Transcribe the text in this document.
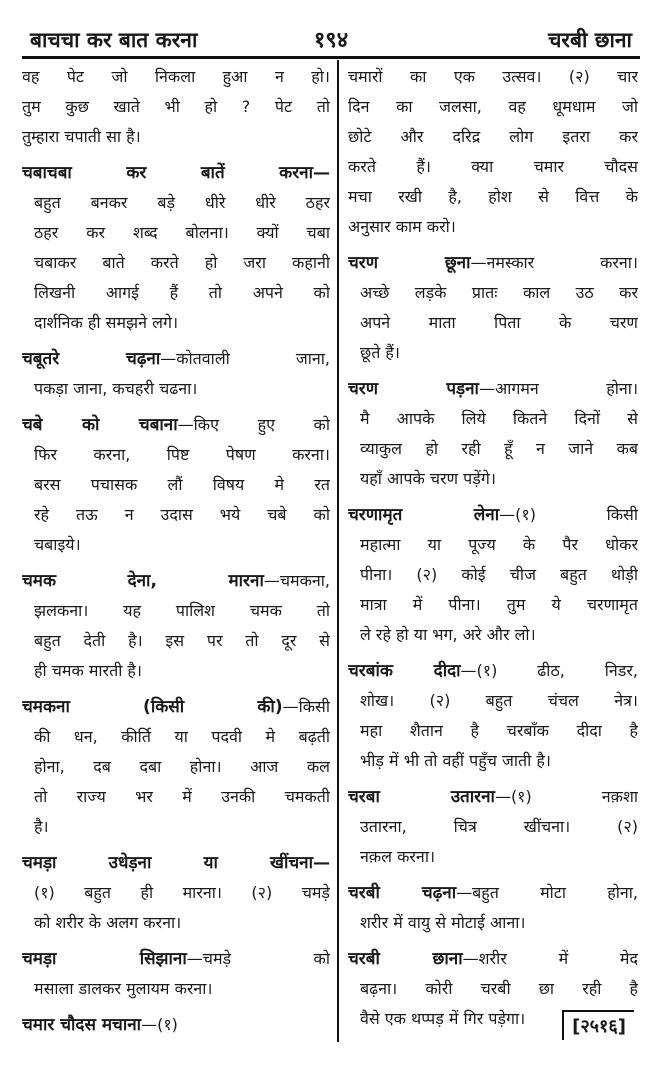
बाचचा कर बात करना	१९४	चरबी छाना
वह पेट जो निकला हुआ न हो।
तुम कुछ खाते भी हो ? पेट तो
तुम्हारा चपाती सा है।
चबाचबा कर बातें करना—
बहुत बनकर बड़े धीरे धीरे ठहर
ठहर कर शब्द बोलना। क्यों चबा
चबाकर बाते करते हो जरा कहानी
लिखनी आगई हैं तो अपने को
दार्शनिक ही समझने लगे।
चबूतरे चढ़ना—कोतवाली जाना,
पकड़ा जाना, कचहरी चढना।
चबे को चबाना—किए हुए को
फिर करना, पिष्ट पेषण करना।
बरस पचासक लौं विषय मे रत
रहे तऊ न उदास भये चबे को
चबाइये।
चमक देना, मारना—चमकना,
झलकना। यह पालिश चमक तो
बहुत देती है। इस पर तो दूर से
ही चमक मारती है।
चमकना (किसी की)—किसी
की धन, कीर्ति या पदवी मे बढ़ती
होना, दब दबा होना। आज कल
तो राज्य भर में उनकी चमकती
है।
चमड़ा उधेड़ना या खींचना—
(१) बहुत ही मारना। (२) चमड़े
को शरीर के अलग करना।
चमड़ा सिझाना—चमड़े को
मसाला डालकर मुलायम करना।
चमार चौदस मचाना—(१)
चमारों का एक उत्सव। (२) चार
दिन का जलसा, वह धूमधाम जो
छोटे और दरिद्र लोग इतरा कर
करते हैं। क्या चमार चौदस
मचा रखी है, होश से वित्त के
अनुसार काम करो।
चरण छूना—नमस्कार करना।
अच्छे लड़के प्रातः काल उठ कर
अपने माता पिता के चरण
छूते हैं।
चरण पड़ना—आगमन होना।
मै आपके लिये कितने दिनों से
व्याकुल हो रही हूँ न जाने कब
यहाँ आपके चरण पड़ेंगे।
चरणामृत लेना—(१) किसी
महात्मा या पूज्य के पैर धोकर
पीना। (२) कोई चीज बहुत थोड़ी
मात्रा में पीना। तुम ये चरणामृत
ले रहे हो या भग, अरे और लो।
चरबांक दीदा—(१) ढीठ, निडर,
शोख। (२) बहुत चंचल नेत्र।
महा शैतान है चरबाँक दीदा है
भीड़ में भी तो वहीं पहुँच जाती है।
चरबा उतारना—(१) नक़शा
उतारना, चित्र खींचना। (२)
नक़ल करना।
चरबी चढ़ना—बहुत मोटा होना,
शरीर में वायु से मोटाई आना।
चरबी छाना—शरीर में मेद
बढ़ना। कोरी चरबी छा रही है
वैसे एक थप्पड़ में गिर पड़ेगा।	[२५१६]
